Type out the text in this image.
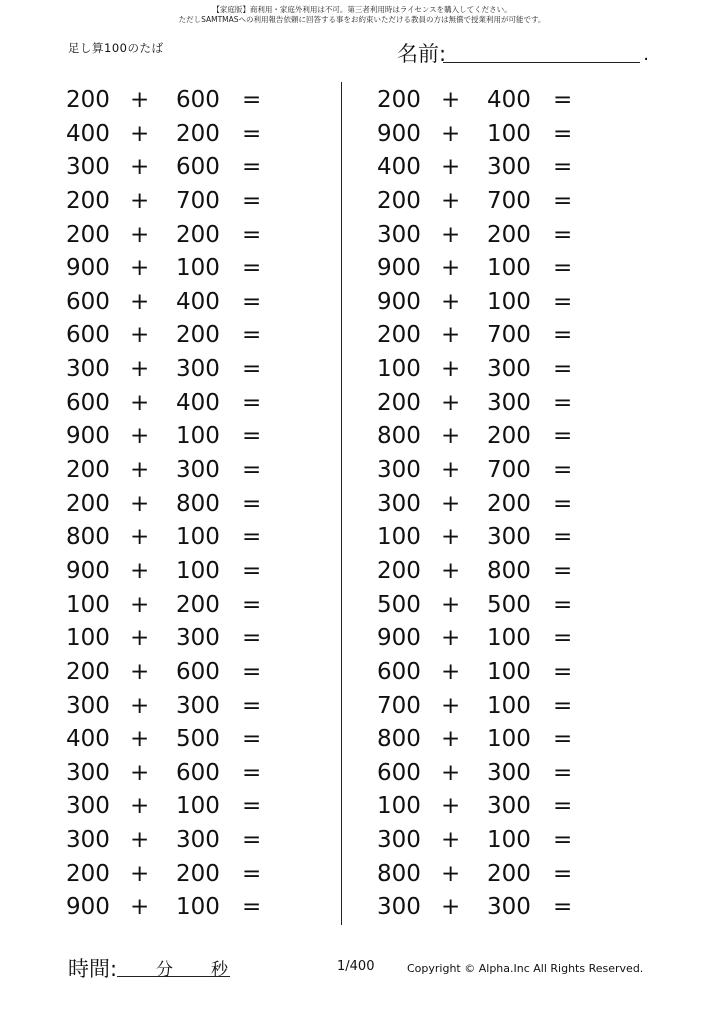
【家庭版】商利用・家庭外利用は不可。第三者利用時はライセンスを購入してください。
ただしSAMTMASへの利用報告依頼に回答する事をお約束いただける教員の方は無償で授業利用が可能です。
足し算100のたば	名前:	.
200 + 600 =
400 + 200 =
300 + 600 =
200 + 700 =
200 + 200 =
900 + 100 =
600 + 400 =
600 + 200 =
300 + 300 =
600 + 400 =
900 + 100 =
200 + 300 =
200 + 800 =
800 + 100 =
900 + 100 =
100 + 200 =
100 + 300 =
200 + 600 =
300 + 300 =
400 + 500 =
300 + 600 =
300 + 100 =
300 + 300 =
200 + 200 =
900 + 100 =
200 + 400 =
900 + 100 =
400 + 300 =
200 + 700 =
300 + 200 =
900 + 100 =
900 + 100 =
200 + 700 =
100 + 300 =
200 + 300 =
800 + 200 =
300 + 700 =
300 + 200 =
100 + 300 =
200 + 800 =
500 + 500 =
900 + 100 =
600 + 100 =
700 + 100 =
800 + 100 =
600 + 300 =
100 + 300 =
300 + 100 =
800 + 200 =
300 + 300 =
時間: 分 秒	1/400	Copyright © Alpha.Inc All Rights Reserved.
